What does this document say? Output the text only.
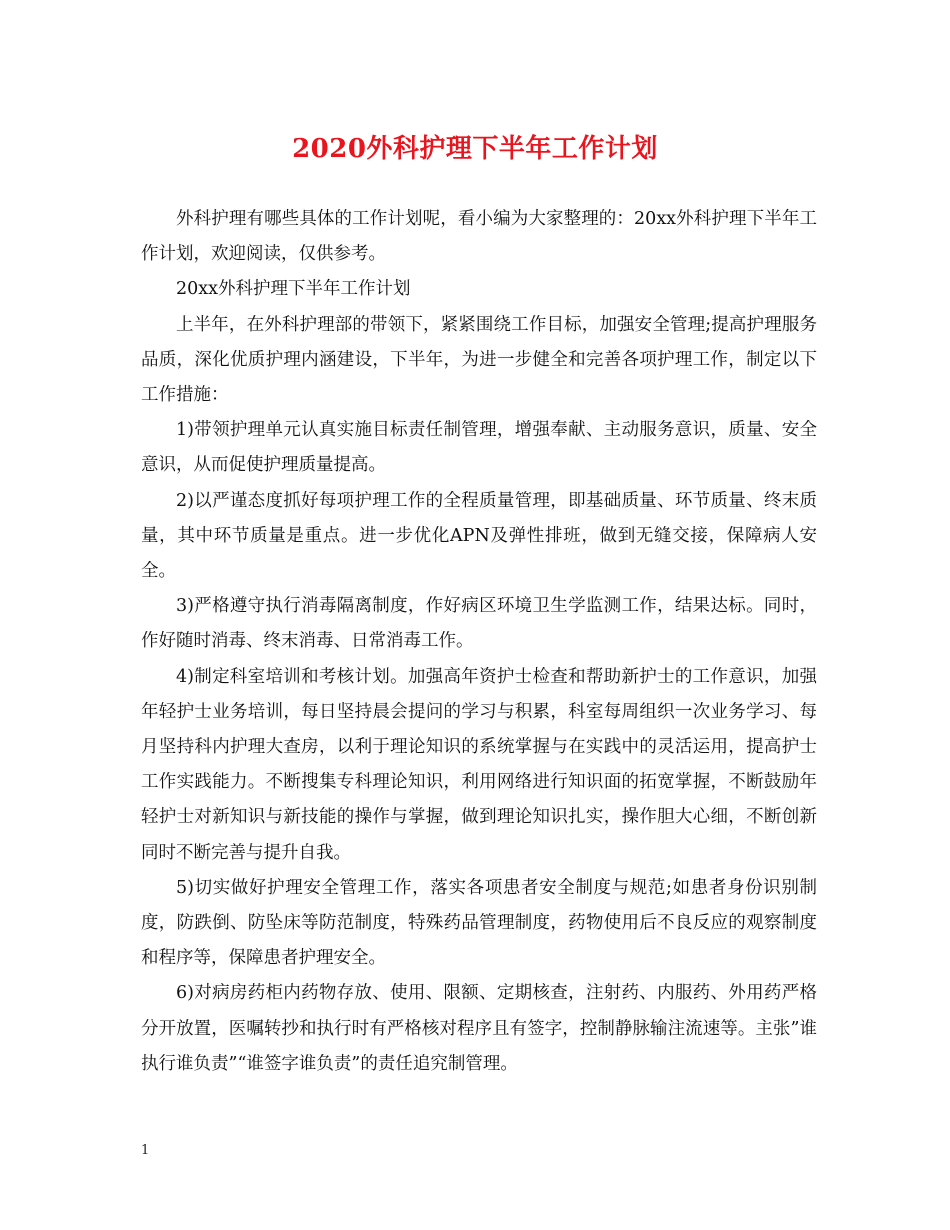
2020外科护理下半年工作计划

外科护理有哪些具体的工作计划呢，看小编为大家整理的：20xx外科护理下半年工作计划，欢迎阅读，仅供参考。

20xx外科护理下半年工作计划

上半年，在外科护理部的带领下，紧紧围绕工作目标，加强安全管理;提高护理服务品质，深化优质护理内涵建设，下半年，为进一步健全和完善各项护理工作，制定以下工作措施：

1)带领护理单元认真实施目标责任制管理，增强奉献、主动服务意识，质量、安全意识，从而促使护理质量提高。

2)以严谨态度抓好每项护理工作的全程质量管理，即基础质量、环节质量、终末质量，其中环节质量是重点。进一步优化APN及弹性排班，做到无缝交接，保障病人安全。

3)严格遵守执行消毒隔离制度，作好病区环境卫生学监测工作，结果达标。同时，作好随时消毒、终末消毒、日常消毒工作。

4)制定科室培训和考核计划。加强高年资护士检查和帮助新护士的工作意识，加强年轻护士业务培训，每日坚持晨会提问的学习与积累，科室每周组织一次业务学习、每月坚持科内护理大查房，以利于理论知识的系统掌握与在实践中的灵活运用，提高护士工作实践能力。不断搜集专科理论知识，利用网络进行知识面的拓宽掌握，不断鼓励年轻护士对新知识与新技能的操作与掌握，做到理论知识扎实，操作胆大心细，不断创新同时不断完善与提升自我。

5)切实做好护理安全管理工作，落实各项患者安全制度与规范;如患者身份识别制度，防跌倒、防坠床等防范制度，特殊药品管理制度，药物使用后不良反应的观察制度和程序等，保障患者护理安全。

6)对病房药柜内药物存放、使用、限额、定期核查，注射药、内服药、外用药严格分开放置，医嘱转抄和执行时有严格核对程序且有签字，控制静脉输注流速等。主张”谁执行谁负责”“谁签字谁负责”的责任追究制管理。

1
